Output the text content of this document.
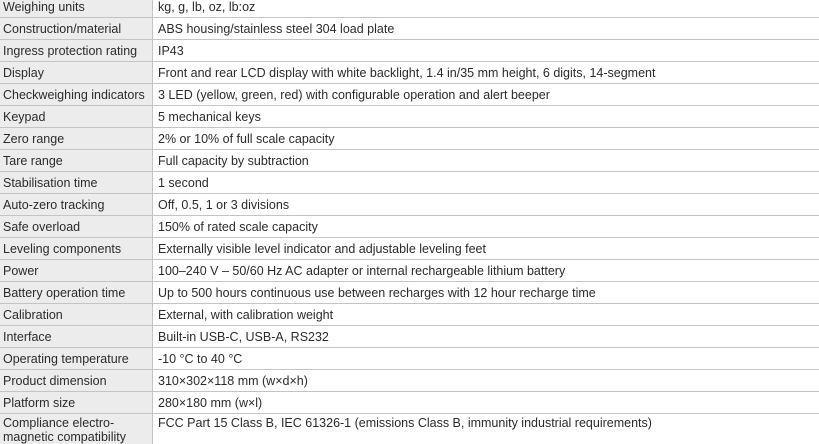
Weighing units	kg, g, lb, oz, lb:oz
Construction/material	ABS housing/stainless steel 304 load plate
Ingress protection rating	IP43
Display	Front and rear LCD display with white backlight, 1.4 in/35 mm height, 6 digits, 14-segment
Checkweighing indicators	3 LED (yellow, green, red) with configurable operation and alert beeper
Keypad	5 mechanical keys
Zero range	2% or 10% of full scale capacity
Tare range	Full capacity by subtraction
Stabilisation time	1 second
Auto-zero tracking	Off, 0.5, 1 or 3 divisions
Safe overload	150% of rated scale capacity
Leveling components	Externally visible level indicator and adjustable leveling feet
Power	100–240 V – 50/60 Hz AC adapter or internal rechargeable lithium battery
Battery operation time	Up to 500 hours continuous use between recharges with 12 hour recharge time
Calibration	External, with calibration weight
Interface	Built-in USB-C, USB-A, RS232
Operating temperature	-10 °C to 40 °C
Product dimension	310×302×118 mm (w×d×h)
Platform size	280×180 mm (w×l)
Compliance electro-magnetic compatibility	FCC Part 15 Class B, IEC 61326-1 (emissions Class B, immunity industrial requirements)
